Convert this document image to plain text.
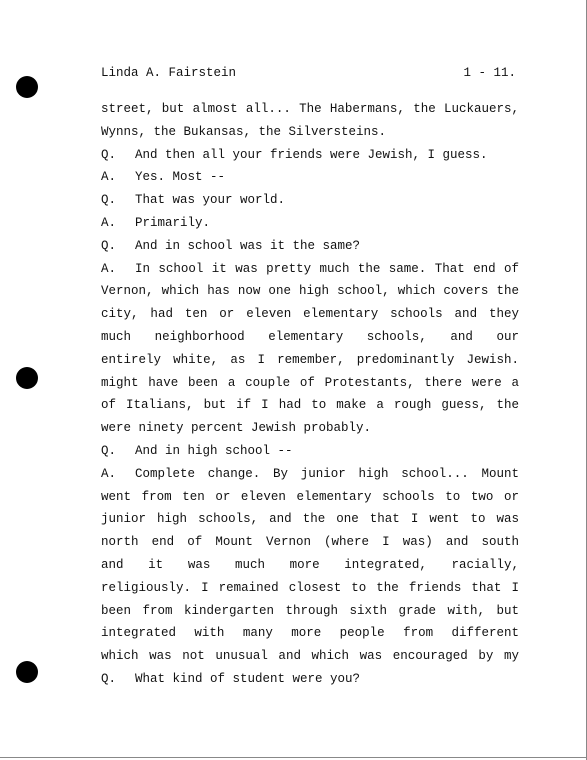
Linda A. Fairstein	1 - 11.
street, but almost all... The Habermans, the Luckauers,
Wynns, the Bukansas, the Silversteins.
Q. And then all your friends were Jewish, I guess.
A. Yes. Most --
Q. That was your world.
A. Primarily.
Q. And in school was it the same?
A. In school it was pretty much the same. That end of
Vernon, which has now one high school, which covers the
city, had ten or eleven elementary schools and they
much neighborhood elementary schools, and our
entirely white, as I remember, predominantly Jewish.
might have been a couple of Protestants, there were a
of Italians, but if I had to make a rough guess, the
were ninety percent Jewish probably.
Q. And in high school --
A. Complete change. By junior high school... Mount
went from ten or eleven elementary schools to two or
junior high schools, and the one that I went to was
north end of Mount Vernon (where I was) and south
and it was much more integrated, racially,
religiously. I remained closest to the friends that I
been from kindergarten through sixth grade with, but
integrated with many more people from different
which was not unusual and which was encouraged by my
Q. What kind of student were you?
